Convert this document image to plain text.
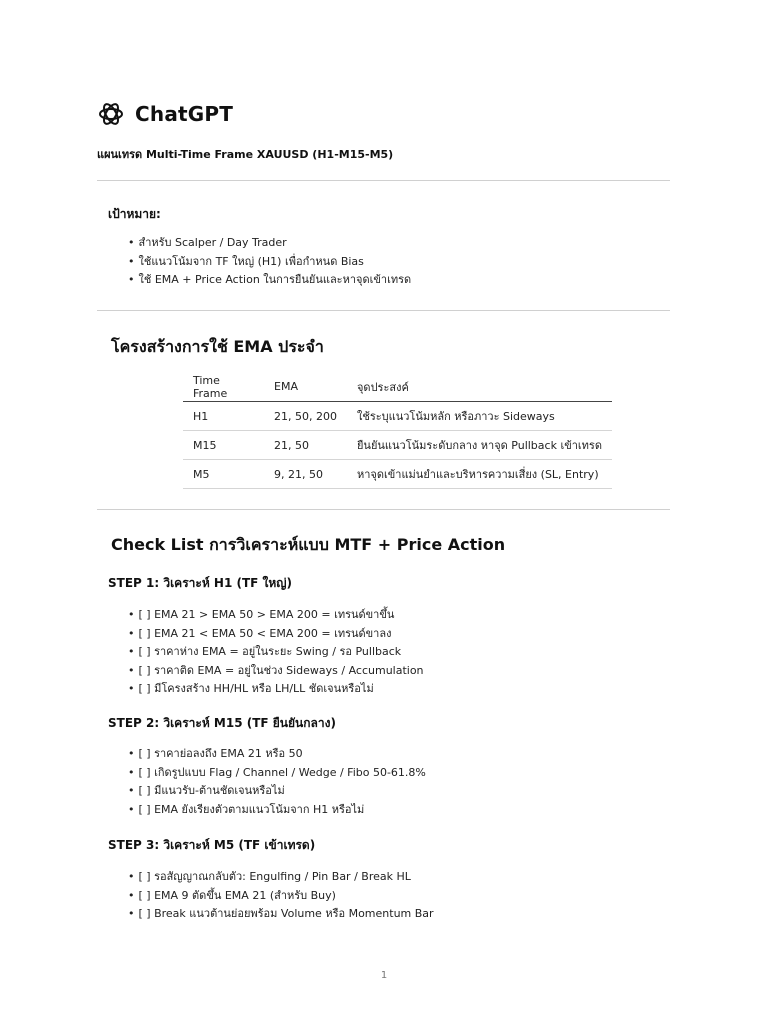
ChatGPT
แผนเทรด Multi-Time Frame XAUUSD (H1-M15-M5)
เป้าหมาย:
• สำหรับ Scalper / Day Trader
• ใช้แนวโน้มจาก TF ใหญ่ (H1) เพื่อกำหนด Bias
• ใช้ EMA + Price Action ในการยืนยันและหาจุดเข้าเทรด
โครงสร้างการใช้ EMA ประจำ
Time Frame	EMA	จุดประสงค์
H1	21, 50, 200	ใช้ระบุแนวโน้มหลัก หรือภาวะ Sideways
M15	21, 50	ยืนยันแนวโน้มระดับกลาง หาจุด Pullback เข้าเทรด
M5	9, 21, 50	หาจุดเข้าแม่นยำและบริหารความเสี่ยง (SL, Entry)
Check List การวิเคราะห์แบบ MTF + Price Action
STEP 1: วิเคราะห์ H1 (TF ใหญ่)
• [ ] EMA 21 > EMA 50 > EMA 200 = เทรนด์ขาขึ้น
• [ ] EMA 21 < EMA 50 < EMA 200 = เทรนด์ขาลง
• [ ] ราคาห่าง EMA = อยู่ในระยะ Swing / รอ Pullback
• [ ] ราคาติด EMA = อยู่ในช่วง Sideways / Accumulation
• [ ] มีโครงสร้าง HH/HL หรือ LH/LL ชัดเจนหรือไม่
STEP 2: วิเคราะห์ M15 (TF ยืนยันกลาง)
• [ ] ราคาย่อลงถึง EMA 21 หรือ 50
• [ ] เกิดรูปแบบ Flag / Channel / Wedge / Fibo 50-61.8%
• [ ] มีแนวรับ-ต้านชัดเจนหรือไม่
• [ ] EMA ยังเรียงตัวตามแนวโน้มจาก H1 หรือไม่
STEP 3: วิเคราะห์ M5 (TF เข้าเทรด)
• [ ] รอสัญญาณกลับตัว: Engulfing / Pin Bar / Break HL
• [ ] EMA 9 ตัดขึ้น EMA 21 (สำหรับ Buy)
• [ ] Break แนวต้านย่อยพร้อม Volume หรือ Momentum Bar
1
